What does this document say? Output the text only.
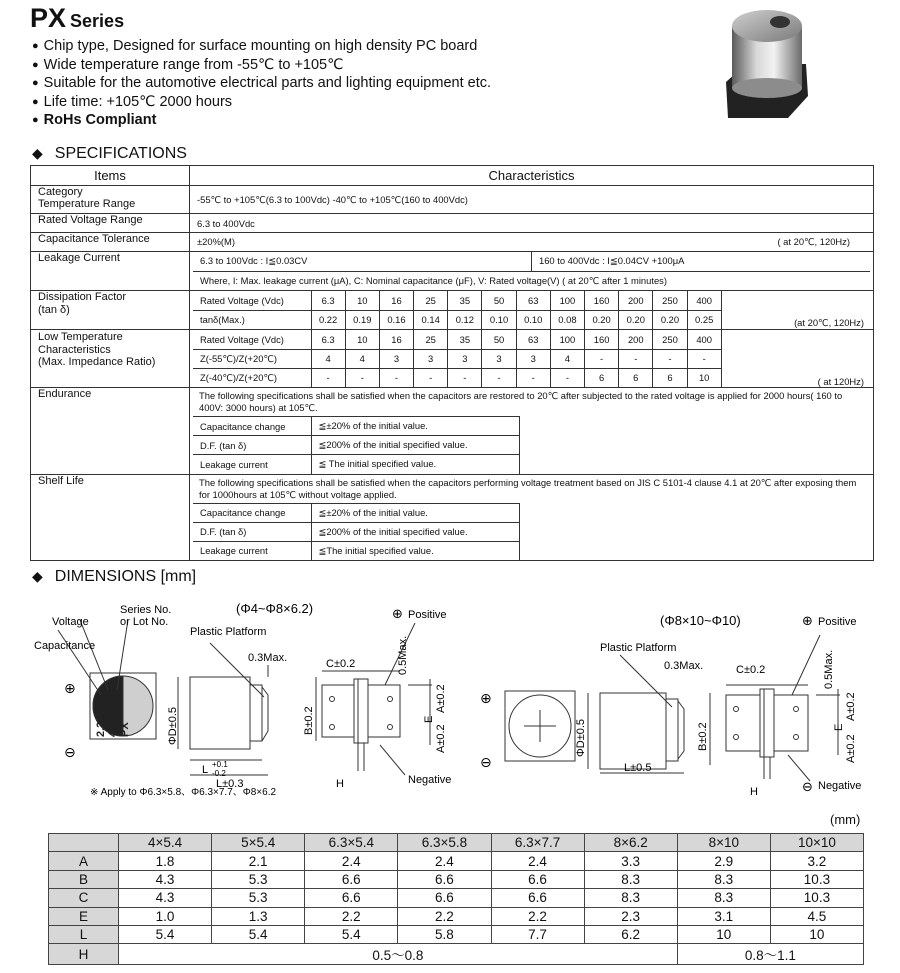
PX Series
● Chip type, Designed for surface mounting on high density PC board
● Wide temperature range from -55℃ to +105℃
● Suitable for the automotive electrical parts and lighting equipment etc.
● Life time: +105℃ 2000 hours
● RoHs Compliant
◆ SPECIFICATIONS
Items	Characteristics
Category
Temperature Range	-55℃ to +105℃(6.3 to 100Vdc) -40℃ to +105℃(160 to 400Vdc)
Rated Voltage Range	6.3 to 400Vdc
Capacitance Tolerance	±20%(M)	( at 20℃, 120Hz)

Leakage Current		6.3 to 100Vdc : I≦0.03CV	160 to 400Vdc : I≦0.04CV +100μA
Where, I: Max. leakage current (μA), C: Nominal capacitance (μF), V: Rated voltage(V) ( at 20℃ after 1 minutes)

Dissipation Factor
(tan δ)	
Rated Voltage (Vdc)	6.3	10	16	25	35	50	63	100	160	200	250	400	(at 20℃, 120Hz)
tanδ(Max.)	0.22	0.19	0.16	0.14	0.12	0.10	0.10	0.08	0.20	0.20	0.20	0.25

Low Temperature
Characteristics
(Max. Impedance Ratio)	
Rated Voltage (Vdc)	6.3	10	16	25	35	50	63	100	160	200	250	400	( at 120Hz)
Z(-55℃)/Z(+20℃)	4	4	3	3	3	3	3	4	-	-	-	-
Z(-40℃)/Z(+20℃)	-	-	-	-	-	-	-	-	6	6	6	10

Endurance	The following specifications shall be satisfied when the capacitors are restored to 20℃ after subjected to the rated voltage is applied for 2000 hours( 160 to 400V: 3000 hours) at 105℃.
Capacitance change	≦±20% of the initial value.	
D.F. (tan δ)	≦200% of the initial specified value.	
Leakage current	≦ The initial specified value.	

Shelf Life	The following specifications shall be satisfied when the capacitors performing voltage treatment based on JIS C 5101-4 clause 4.1 at 20℃ after exposing them for 1000hours at 105℃ without voltage applied.
Capacitance change	≦±20% of the initial value.	
D.F. (tan δ)	≦200% of the initial specified value.	
Leakage current	≦The initial specified value.	
◆ DIMENSIONS [mm]
2.2 400V PX
Voltage
Series No.
or Lot No.
Capacitance
⊕
⊖
(Φ4~Φ8×6.2)
Plastic Platform
0.3Max.	C±0.2
⊕ Positive
Negative
H
L +0.1
-0.2
L±0.3
※ Apply to Φ6.3×5.8、Φ6.3×7.7、Φ8×6.2
ΦD±0.5	B±0.2
0.5Max.
A±0.2
A±0.2
E
(Φ8×10~Φ10)
Plastic Platform
0.3Max.	C±0.2
⊕ Positive
⊖ Negative
H
L±0.5
⊕
⊖
ΦD±0.5	B±0.2
0.5Max.
A±0.2
A±0.2
E
(mm)
	4×5.4	5×5.4	6.3×5.4	6.3×5.8	6.3×7.7	8×6.2	8×10	10×10
A	1.8	2.1	2.4	2.4	2.4	3.3	2.9	3.2
B	4.3	5.3	6.6	6.6	6.6	8.3	8.3	10.3
C	4.3	5.3	6.6	6.6	6.6	8.3	8.3	10.3
E	1.0	1.3	2.2	2.2	2.2	2.3	3.1	4.5
L	5.4	5.4	5.4	5.8	7.7	6.2	10	10
H	0.5～0.8						0.8～1.1	
